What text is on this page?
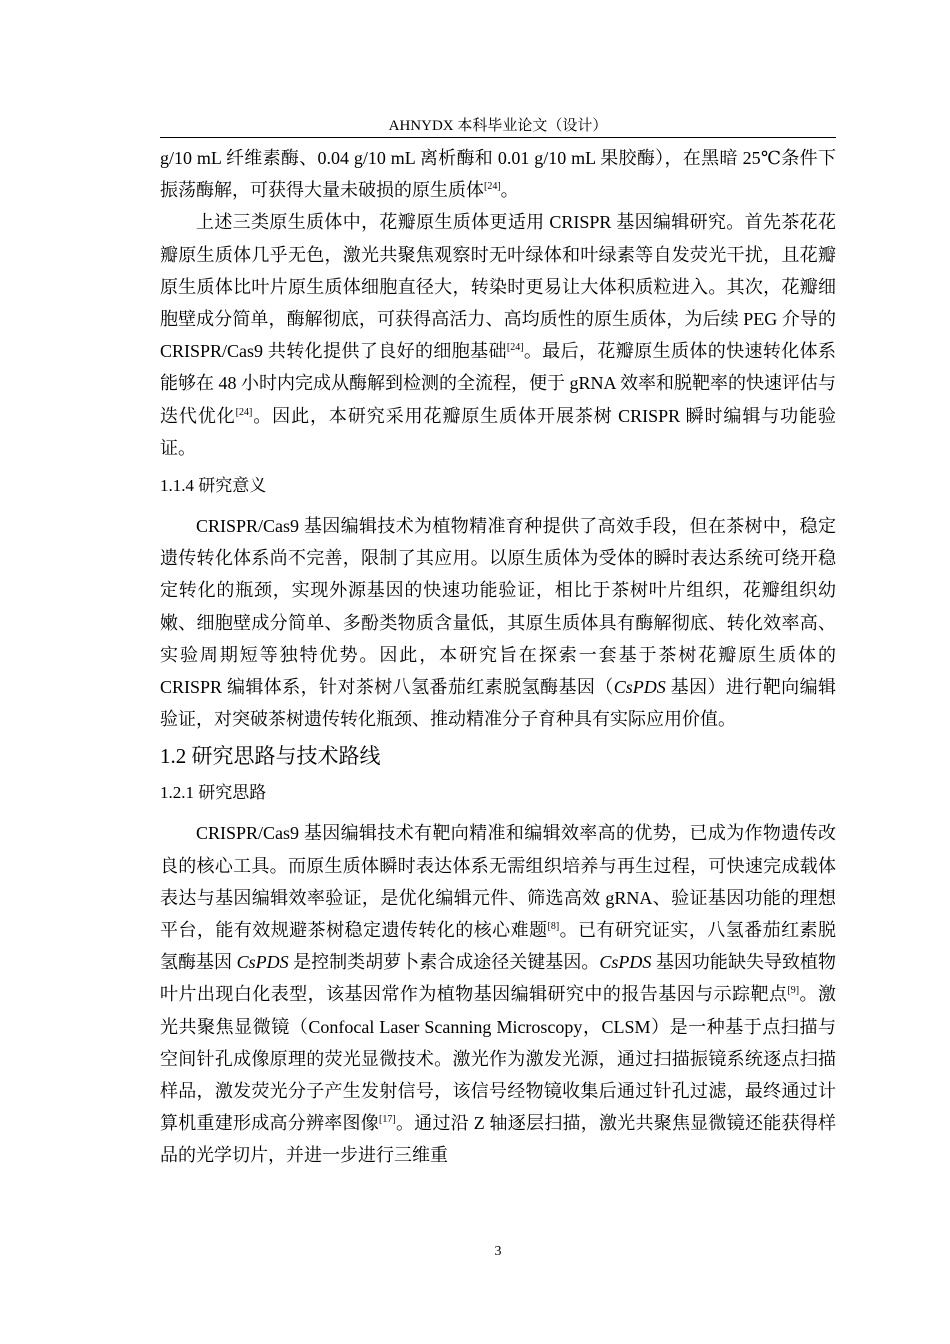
AHNYDX 本科毕业论文（设计）

g/10 mL 纤维素酶、0.04 g/10 mL 离析酶和 0.01 g/10 mL 果胶酶），在黑暗 25℃条件下振荡酶解，可获得大量未破损的原生质体[24]。

上述三类原生质体中，花瓣原生质体更适用 CRISPR 基因编辑研究。首先茶花花瓣原生质体几乎无色，激光共聚焦观察时无叶绿体和叶绿素等自发荧光干扰，且花瓣原生质体比叶片原生质体细胞直径大，转染时更易让大体积质粒进入。其次，花瓣细胞壁成分简单，酶解彻底，可获得高活力、高均质性的原生质体，为后续 PEG 介导的 CRISPR/Cas9 共转化提供了良好的细胞基础[24]。最后，花瓣原生质体的快速转化体系能够在 48 小时内完成从酶解到检测的全流程，便于 gRNA 效率和脱靶率的快速评估与迭代优化[24]。因此，本研究采用花瓣原生质体开展茶树 CRISPR 瞬时编辑与功能验证。

1.1.4 研究意义

CRISPR/Cas9 基因编辑技术为植物精准育种提供了高效手段，但在茶树中，稳定遗传转化体系尚不完善，限制了其应用。以原生质体为受体的瞬时表达系统可绕开稳定转化的瓶颈，实现外源基因的快速功能验证，相比于茶树叶片组织，花瓣组织幼嫩、细胞壁成分简单、多酚类物质含量低，其原生质体具有酶解彻底、转化效率高、实验周期短等独特优势。因此，本研究旨在探索一套基于茶树花瓣原生质体的 CRISPR 编辑体系，针对茶树八氢番茄红素脱氢酶基因（CsPDS 基因）进行靶向编辑验证，对突破茶树遗传转化瓶颈、推动精准分子育种具有实际应用价值。

1.2 研究思路与技术路线
1.2.1 研究思路

CRISPR/Cas9 基因编辑技术有靶向精准和编辑效率高的优势，已成为作物遗传改良的核心工具。而原生质体瞬时表达体系无需组织培养与再生过程，可快速完成载体表达与基因编辑效率验证，是优化编辑元件、筛选高效 gRNA、验证基因功能的理想平台，能有效规避茶树稳定遗传转化的核心难题[8]。已有研究证实，八氢番茄红素脱氢酶基因 CsPDS 是控制类胡萝卜素合成途径关键基因。CsPDS 基因功能缺失导致植物叶片出现白化表型，该基因常作为植物基因编辑研究中的报告基因与示踪靶点[9]。激光共聚焦显微镜（Confocal Laser Scanning Microscopy，CLSM）是一种基于点扫描与空间针孔成像原理的荧光显微技术。激光作为激发光源，通过扫描振镜系统逐点扫描样品，激发荧光分子产生发射信号，该信号经物镜收集后通过针孔过滤，最终通过计算机重建形成高分辨率图像[17]。通过沿 Z 轴逐层扫描，激光共聚焦显微镜还能获得样品的光学切片，并进一步进行三维重

3
